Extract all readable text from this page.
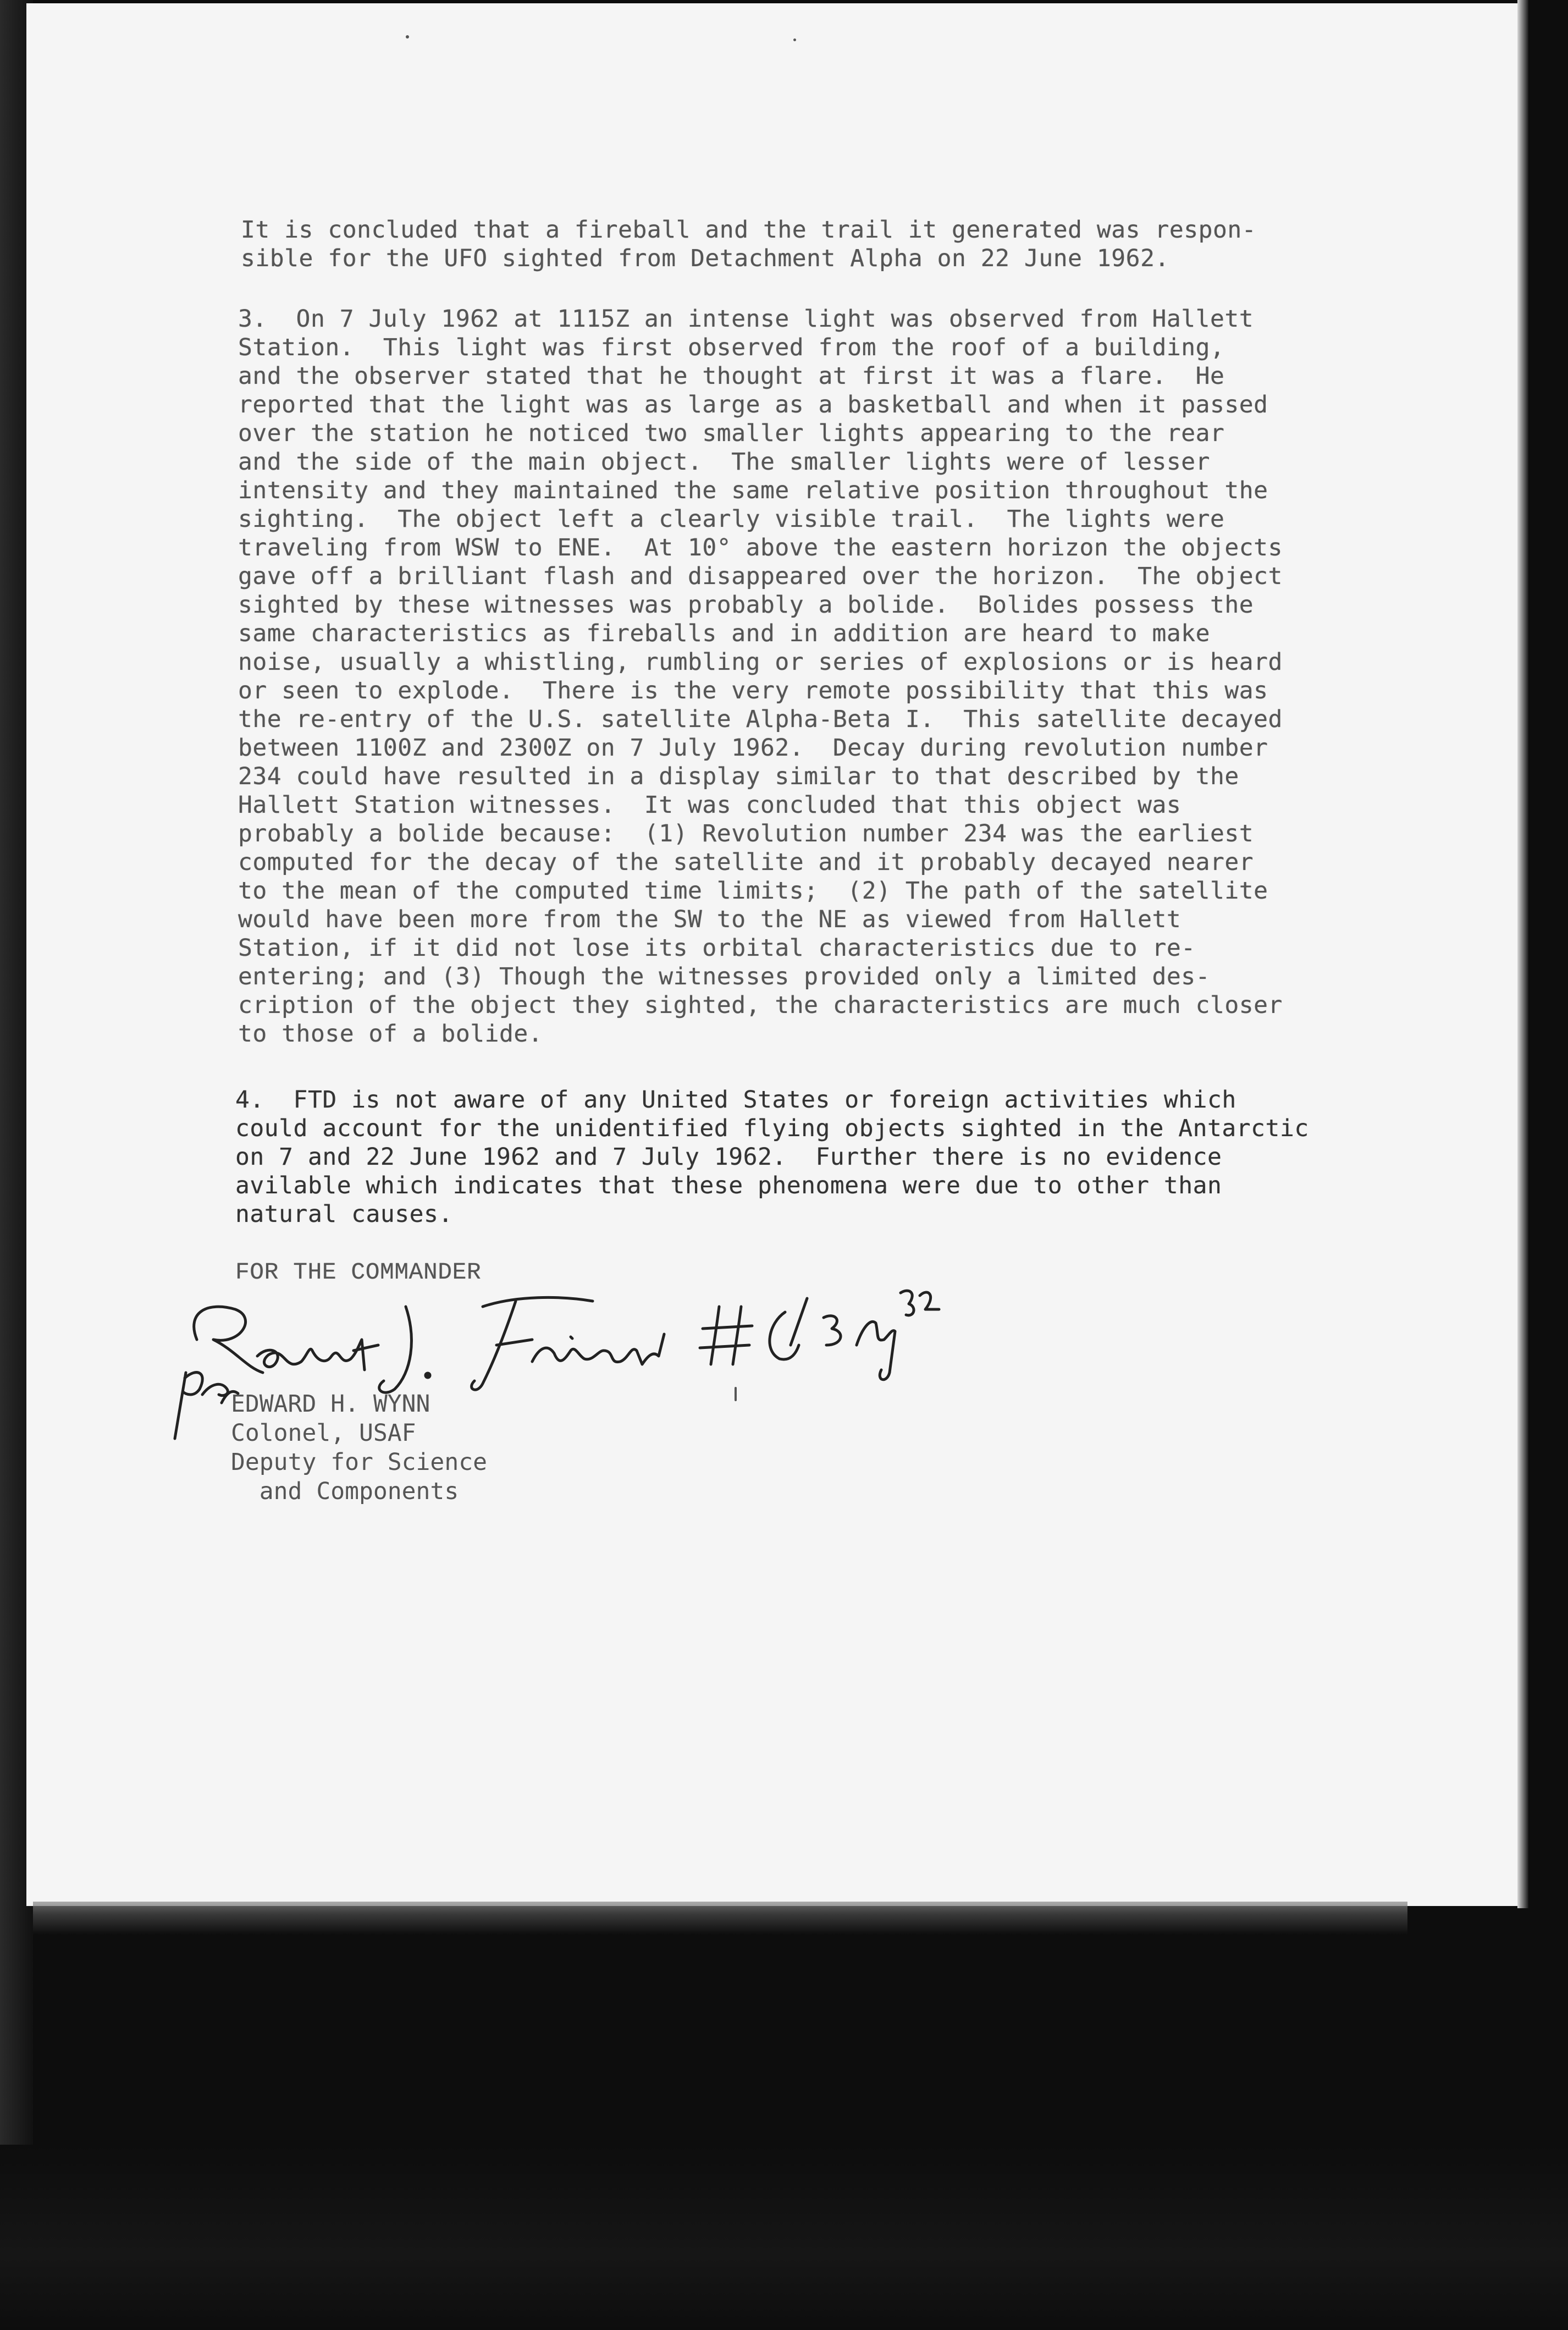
It is concluded that a fireball and the trail it generated was respon-
sible for the UFO sighted from Detachment Alpha on 22 June 1962.
3.  On 7 July 1962 at 1115Z an intense light was observed from Hallett
Station.  This light was first observed from the roof of a building,
and the observer stated that he thought at first it was a flare.  He
reported that the light was as large as a basketball and when it passed
over the station he noticed two smaller lights appearing to the rear
and the side of the main object.  The smaller lights were of lesser
intensity and they maintained the same relative position throughout the
sighting.  The object left a clearly visible trail.  The lights were
traveling from WSW to ENE.  At 10° above the eastern horizon the objects
gave off a brilliant flash and disappeared over the horizon.  The object
sighted by these witnesses was probably a bolide.  Bolides possess the
same characteristics as fireballs and in addition are heard to make
noise, usually a whistling, rumbling or series of explosions or is heard
or seen to explode.  There is the very remote possibility that this was
the re-entry of the U.S. satellite Alpha-Beta I.  This satellite decayed
between 1100Z and 2300Z on 7 July 1962.  Decay during revolution number
234 could have resulted in a display similar to that described by the
Hallett Station witnesses.  It was concluded that this object was
probably a bolide because:  (1) Revolution number 234 was the earliest
computed for the decay of the satellite and it probably decayed nearer
to the mean of the computed time limits;  (2) The path of the satellite
would have been more from the SW to the NE as viewed from Hallett
Station, if it did not lose its orbital characteristics due to re-
entering; and (3) Though the witnesses provided only a limited des-
cription of the object they sighted, the characteristics are much closer
to those of a bolide.
4.  FTD is not aware of any United States or foreign activities which
could account for the unidentified flying objects sighted in the Antarctic
on 7 and 22 June 1962 and 7 July 1962.  Further there is no evidence
avilable which indicates that these phenomena were due to other than
natural causes.
FOR THE COMMANDER
EDWARD H. WYNN
Colonel, USAF
Deputy for Science
and Components
